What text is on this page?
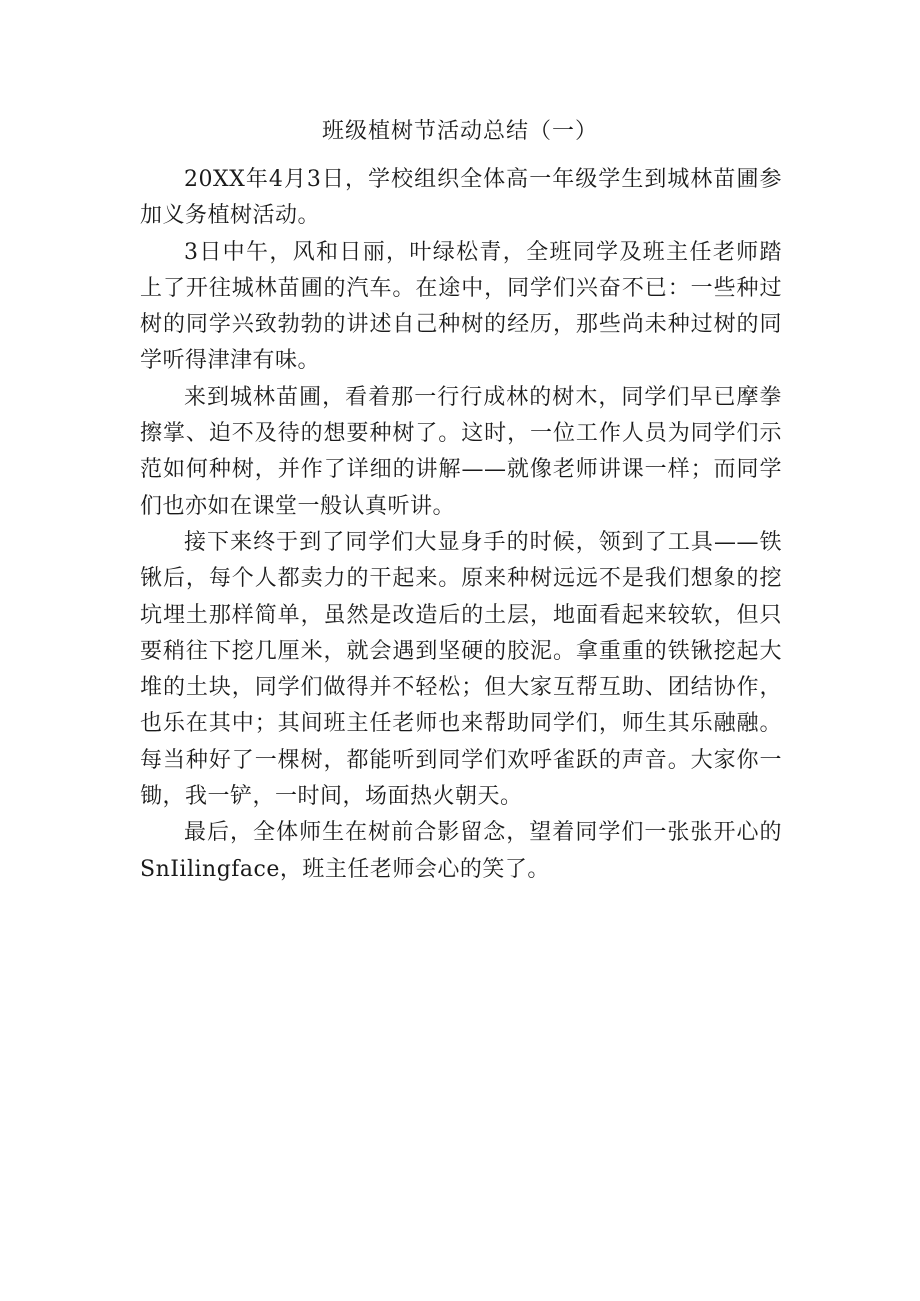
班级植树节活动总结（一）

20XX年4月3日，学校组织全体高一年级学生到城林苗圃参加义务植树活动。

3日中午，风和日丽，叶绿松青，全班同学及班主任老师踏上了开往城林苗圃的汽车。在途中，同学们兴奋不已：一些种过树的同学兴致勃勃的讲述自己种树的经历，那些尚未种过树的同学听得津津有味。

来到城林苗圃，看着那一行行成林的树木，同学们早已摩拳擦掌、迫不及待的想要种树了。这时，一位工作人员为同学们示范如何种树，并作了详细的讲解——就像老师讲课一样；而同学们也亦如在课堂一般认真听讲。

接下来终于到了同学们大显身手的时候，领到了工具——铁锹后，每个人都卖力的干起来。原来种树远远不是我们想象的挖坑埋土那样简单，虽然是改造后的土层，地面看起来较软，但只要稍往下挖几厘米，就会遇到坚硬的胶泥。拿重重的铁锹挖起大堆的土块，同学们做得并不轻松；但大家互帮互助、团结协作，也乐在其中；其间班主任老师也来帮助同学们，师生其乐融融。每当种好了一棵树，都能听到同学们欢呼雀跃的声音。大家你一锄，我一铲，一时间，场面热火朝天。

最后，全体师生在树前合影留念，望着同学们一张张开心的SnIilingface，班主任老师会心的笑了。
